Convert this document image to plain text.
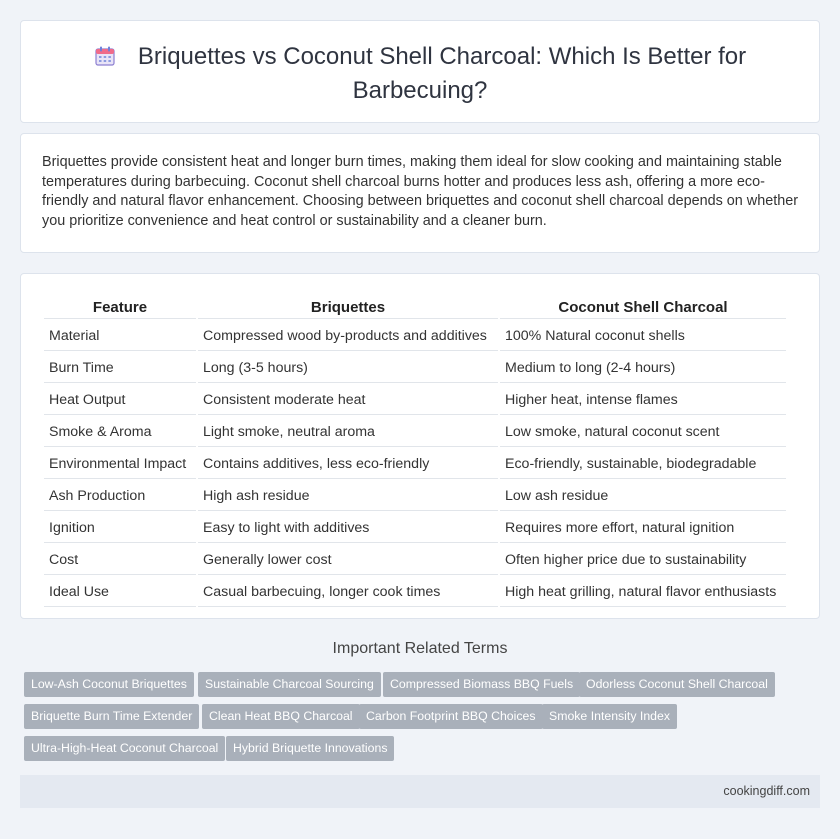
Briquettes vs Coconut Shell Charcoal: Which Is Better for
Barbecuing?
Briquettes provide consistent heat and longer burn times, making them ideal for slow cooking and maintaining stable temperatures during barbecuing. Coconut shell charcoal burns hotter and produces less ash, offering a more eco-friendly and natural flavor enhancement. Choosing between briquettes and coconut shell charcoal depends on whether you prioritize convenience and heat control or sustainability and a cleaner burn.
Feature	Briquettes	Coconut Shell Charcoal
Material	Compressed wood by-products and additives	100% Natural coconut shells
Burn Time	Long (3-5 hours)	Medium to long (2-4 hours)
Heat Output	Consistent moderate heat	Higher heat, intense flames
Smoke & Aroma	Light smoke, neutral aroma	Low smoke, natural coconut scent
Environmental Impact	Contains additives, less eco-friendly	Eco-friendly, sustainable, biodegradable
Ash Production	High ash residue	Low ash residue
Ignition	Easy to light with additives	Requires more effort, natural ignition
Cost	Generally lower cost	Often higher price due to sustainability
Ideal Use	Casual barbecuing, longer cook times	High heat grilling, natural flavor enthusiasts
Important Related Terms
Low-Ash Coconut Briquettes	Sustainable Charcoal Sourcing	Compressed Biomass BBQ Fuels	Odorless Coconut Shell Charcoal
Briquette Burn Time Extender	Clean Heat BBQ Charcoal	Carbon Footprint BBQ Choices	Smoke Intensity Index
Ultra-High-Heat Coconut Charcoal	Hybrid Briquette Innovations
cookingdiff.com
